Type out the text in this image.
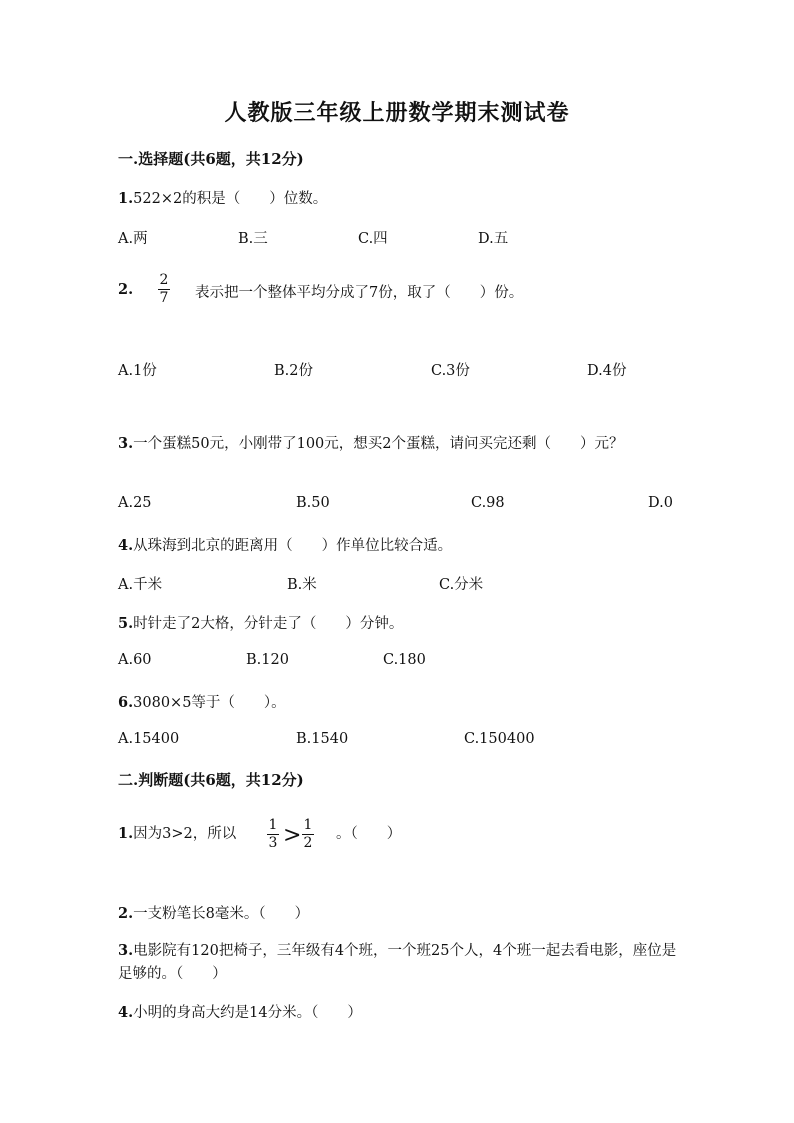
人教版三年级上册数学期末测试卷
一.选择题(共6题，共12分)
1.522×2的积是（　　）位数。
A.两	B.三	C.四	D.五
2.
2
7 表示把一个整体平均分成了7份，取了（　　）份。
A.1份	B.2份	C.3份	D.4份
3.一个蛋糕50元，小刚带了100元，想买2个蛋糕，请问买完还剩（　　）元？
A.25	B.50	C.98	D.0
4.从珠海到北京的距离用（　　）作单位比较合适。
A.千米	B.米	C.分米
5.时针走了2大格，分针走了（　　）分钟。
A.60	B.120	C.180
6.3080×5等于（　　）。
A.15400	B.1540	C.150400
二.判断题(共6题，共12分)
1.因为3>2，所以
1
3 > 1
2
。（　　）
2.一支粉笔长8毫米。（　　）
3.电影院有120把椅子，三年级有4个班，一个班25个人，4个班一起去看电影，座位是足够的。（　　）
4.小明的身高大约是14分米。（　　）
